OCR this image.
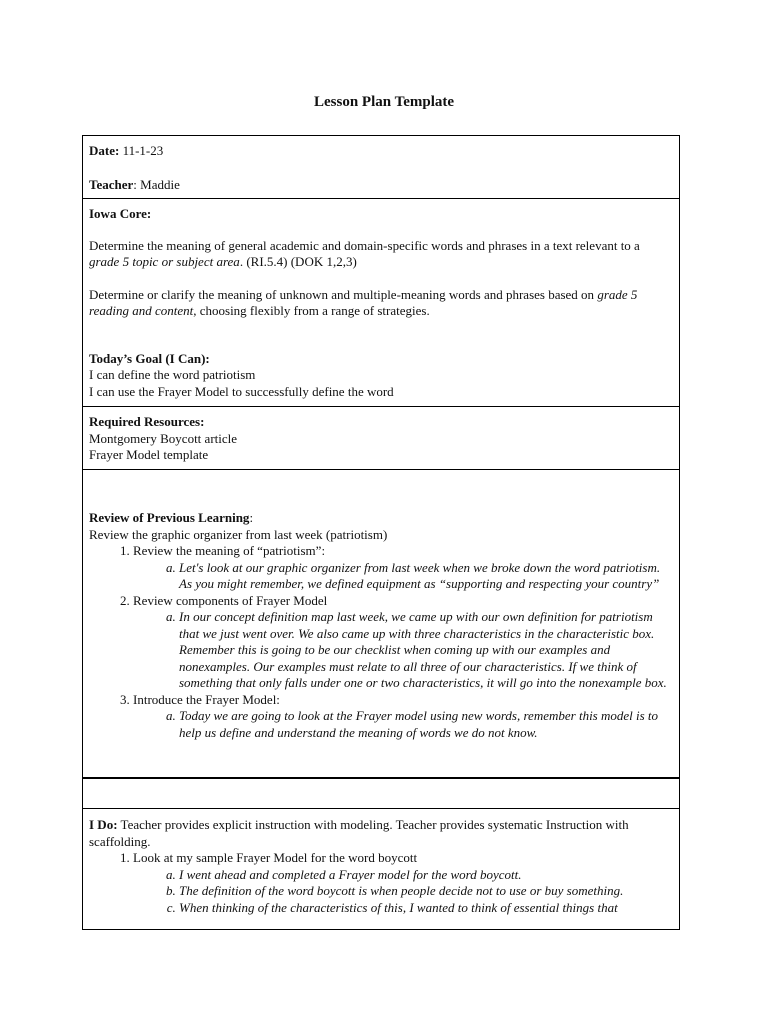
Lesson Plan Template

Date: 11-1-23

Teacher: Maddie

Iowa Core:

Determine the meaning of general academic and domain-specific words and phrases in a text relevant to a grade 5 topic or subject area. (RI.5.4) (DOK 1,2,3)

Determine or clarify the meaning of unknown and multiple-meaning words and phrases based on grade 5 reading and content, choosing flexibly from a range of strategies.

Today’s Goal (I Can):

I can define the word patriotism

I can use the Frayer Model to successfully define the word

Required Resources:

Montgomery Boycott article

Frayer Model template

Review of Previous Learning:

Review the graphic organizer from last week (patriotism)

1. Review the meaning of “patriotism”:
a. Let's look at our graphic organizer from last week when we broke down the word patriotism. As you might remember, we defined equipment as “supporting and respecting your country”
2. Review components of Frayer Model
a. In our concept definition map last week, we came up with our own definition for patriotism that we just went over. We also came up with three characteristics in the characteristic box. Remember this is going to be our checklist when coming up with our examples and nonexamples. Our examples must relate to all three of our characteristics. If we think of something that only falls under one or two characteristics, it will go into the nonexample box.
3. Introduce the Frayer Model:
a. Today we are going to look at the Frayer model using new words, remember this model is to help us define and understand the meaning of words we do not know.

I Do: Teacher provides explicit instruction with modeling. Teacher provides systematic Instruction with scaffolding.

1. Look at my sample Frayer Model for the word boycott
a. I went ahead and completed a Frayer model for the word boycott.
b. The definition of the word boycott is when people decide not to use or buy something.
c. When thinking of the characteristics of this, I wanted to think of essential things that
